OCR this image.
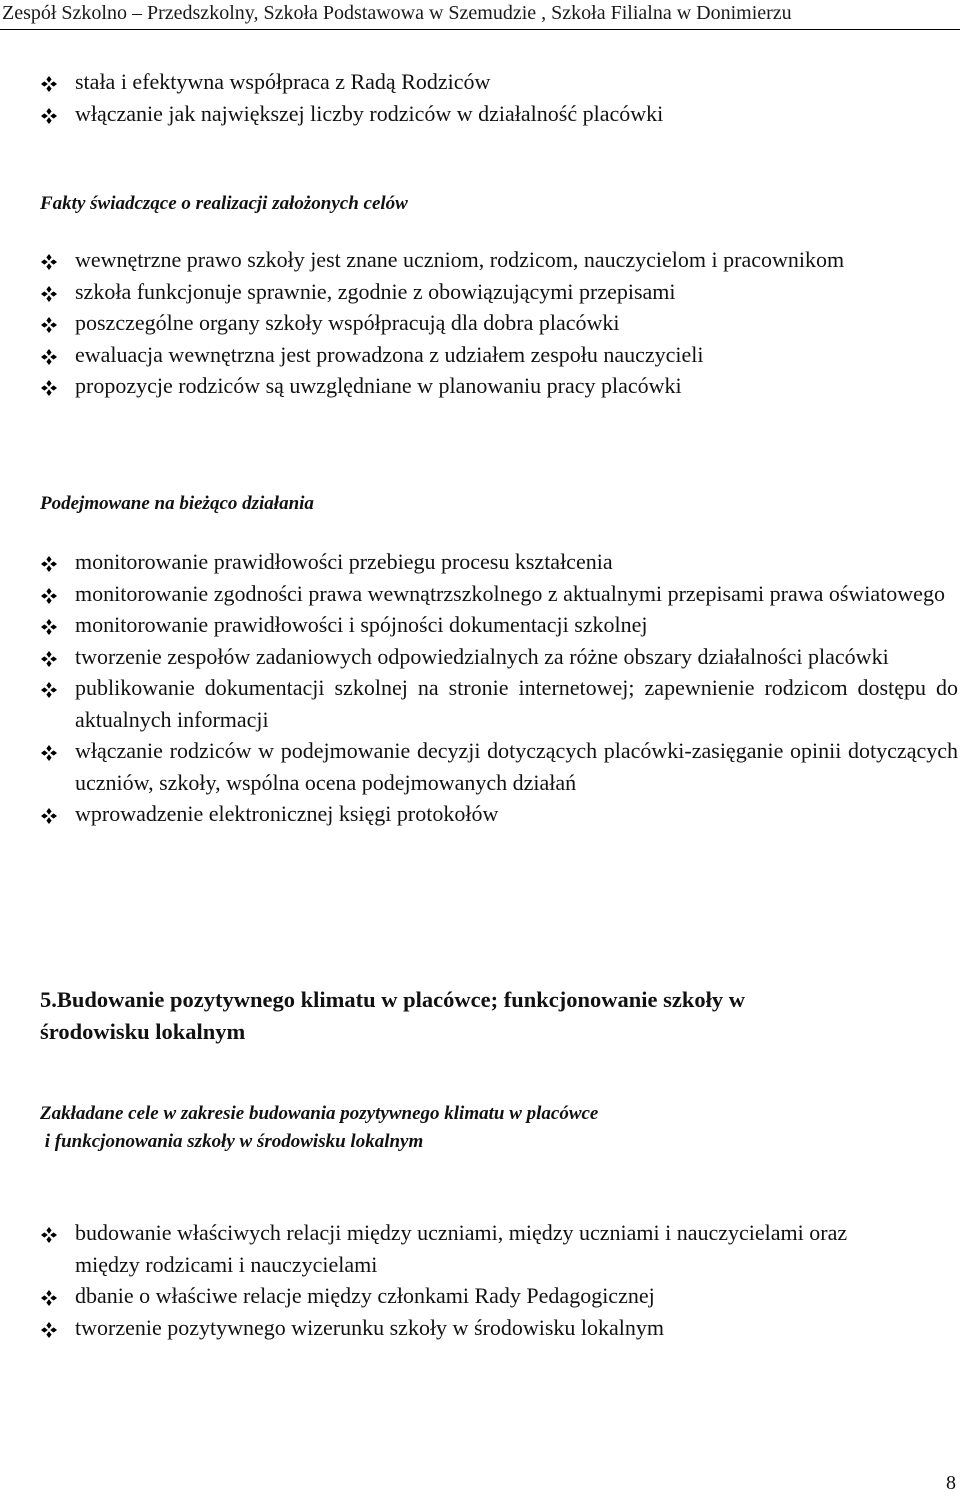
Zespół Szkolno – Przedszkolny, Szkoła Podstawowa w Szemudzie , Szkoła Filialna w Donimierzu
stała i efektywna współpraca z Radą Rodziców
włączanie jak największej liczby rodziców w działalność placówki

Fakty świadczące o realizacji założonych celów

wewnętrzne prawo szkoły jest znane uczniom, rodzicom, nauczycielom i pracownikom
szkoła funkcjonuje sprawnie, zgodnie z obowiązującymi przepisami
poszczególne organy szkoły współpracują dla dobra placówki
ewaluacja wewnętrzna jest prowadzona z udziałem zespołu nauczycieli
propozycje rodziców są uwzględniane w planowaniu pracy placówki

Podejmowane na bieżąco działania

monitorowanie prawidłowości przebiegu procesu kształcenia
monitorowanie zgodności prawa wewnątrzszkolnego z aktualnymi przepisami prawa oświatowego
monitorowanie prawidłowości i spójności dokumentacji szkolnej
tworzenie zespołów zadaniowych odpowiedzialnych za różne obszary działalności placówki
publikowanie dokumentacji szkolnej na stronie internetowej; zapewnienie rodzicom dostępu do aktualnych informacji
włączanie rodziców w podejmowanie decyzji dotyczących placówki-zasięganie opinii dotyczących uczniów, szkoły, wspólna ocena podejmowanych działań
wprowadzenie elektronicznej księgi protokołów

5.Budowanie pozytywnego klimatu w placówce; funkcjonowanie szkoły w
środowisku lokalnym

Zakładane cele w zakresie budowania pozytywnego klimatu w placówce
i funkcjonowania szkoły w środowisku lokalnym

budowanie właściwych relacji między uczniami, między uczniami i nauczycielami oraz między rodzicami i nauczycielami
dbanie o właściwe relacje między członkami Rady Pedagogicznej
tworzenie pozytywnego wizerunku szkoły w środowisku lokalnym
8
